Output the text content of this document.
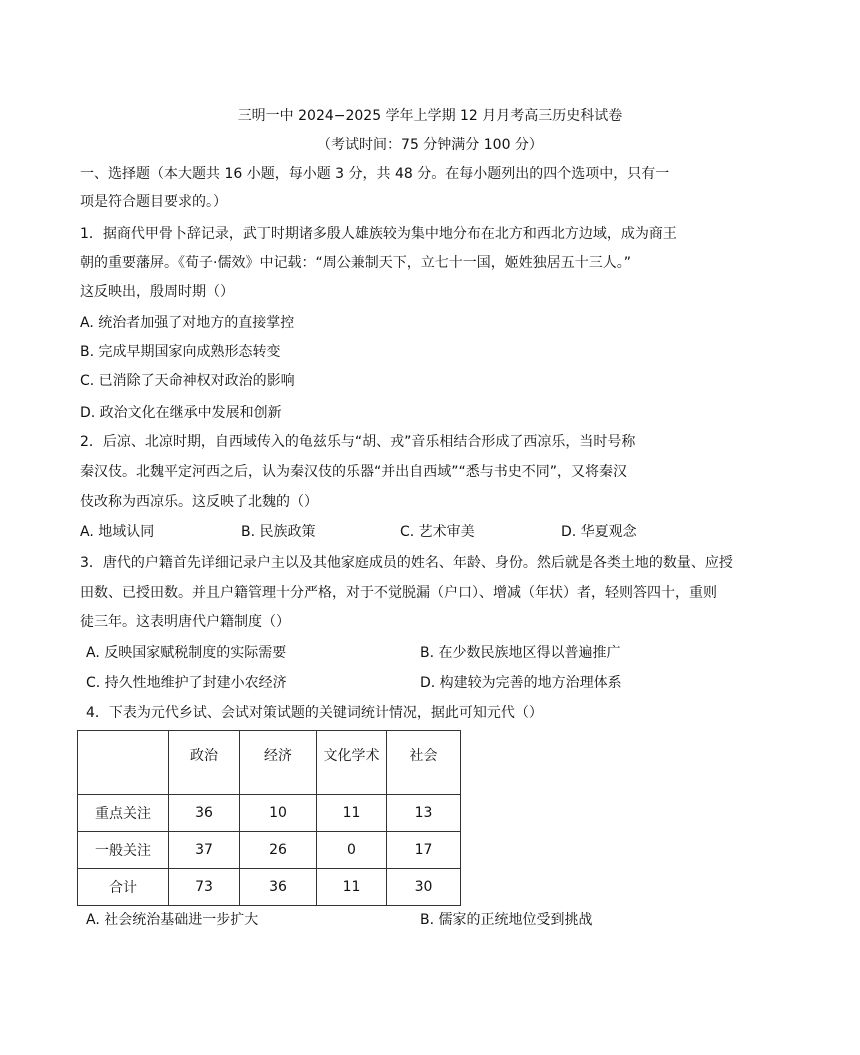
三明一中 2024−2025 学年上学期 12 月月考高三历史科试卷
（考试时间：75 分钟满分 100 分）
一、选择题（本大题共 16 小题，每小题 3 分，共 48 分。在每小题列出的四个选项中，只有一
项是符合题目要求的。）
1．据商代甲骨卜辞记录，武丁时期诸多殷人雄族较为集中地分布在北方和西北方边域，成为商王
朝的重要藩屏。《荀子·儒效》中记载：“周公兼制天下，立七十一国，姬姓独居五十三人。”
这反映出，殷周时期（）
A. 统治者加强了对地方的直接掌控
B. 完成早期国家向成熟形态转变
C. 已消除了天命神权对政治的影响
D. 政治文化在继承中发展和创新
2．后凉、北凉时期，自西域传入的龟兹乐与“胡、戎”音乐相结合形成了西凉乐，当时号称
秦汉伎。北魏平定河西之后，认为秦汉伎的乐器“并出自西域”“悉与书史不同”，又将秦汉
伎改称为西凉乐。这反映了北魏的（）
A. 地域认同	B. 民族政策	C. 艺术审美	D. 华夏观念
3．唐代的户籍首先详细记录户主以及其他家庭成员的姓名、年龄、身份。然后就是各类土地的数量、应授
田数、已授田数。并且户籍管理十分严格，对于不觉脱漏（户口）、增减（年状）者，轻则答四十，重则
徒三年。这表明唐代户籍制度（）
A. 反映国家赋税制度的实际需要	B. 在少数民族地区得以普遍推广
C. 持久性地维护了封建小农经济	D. 构建较为完善的地方治理体系
4．下表为元代乡试、会试对策试题的关键词统计情况，据此可知元代（）
	政治	经济	文化学术	社会
重点关注	36	10	11	13
一般关注	37	26	0	17
合计	73	36	11	30
A. 社会统治基础进一步扩大	B. 儒家的正统地位受到挑战
